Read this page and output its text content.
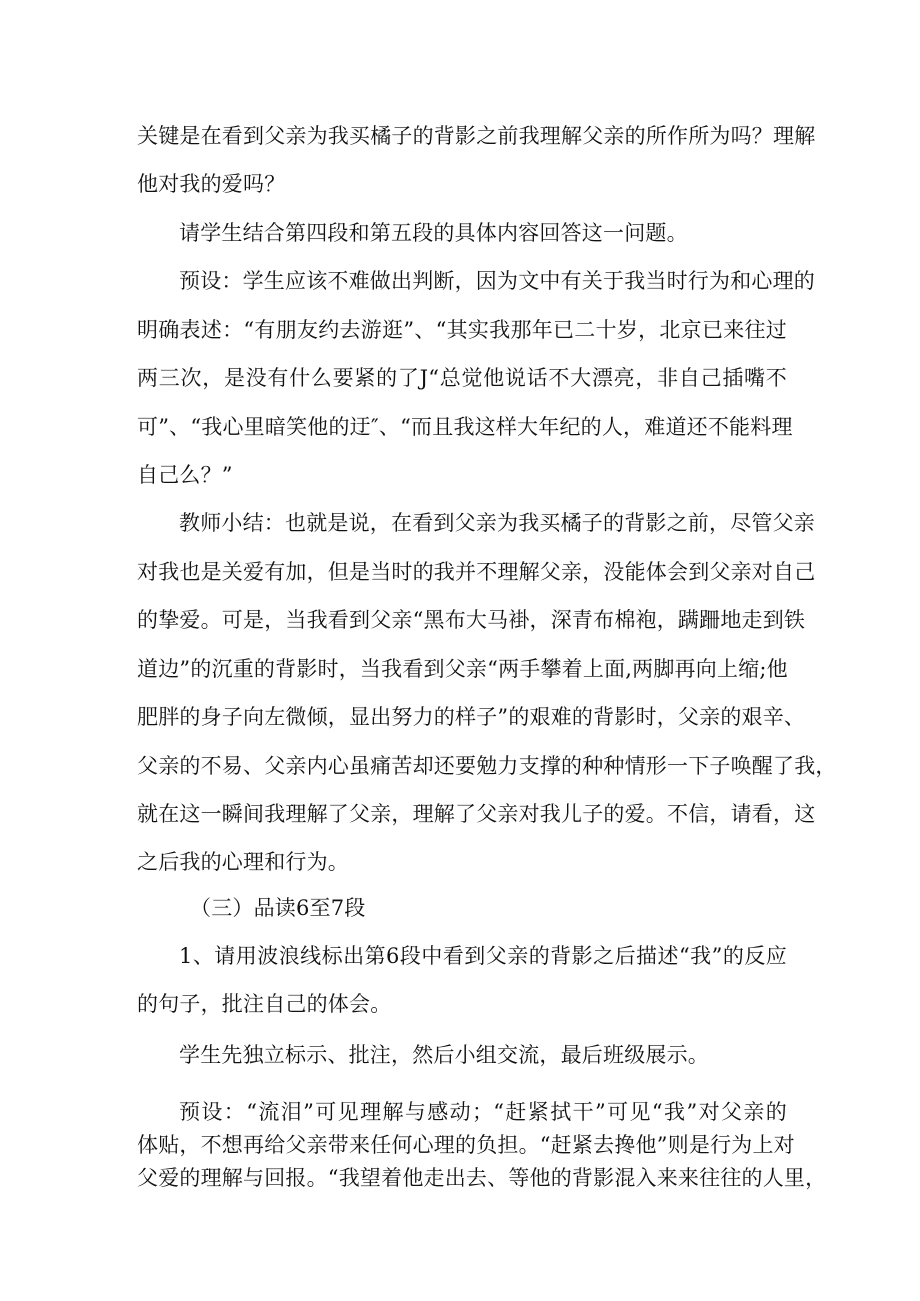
关键是在看到父亲为我买橘子的背影之前我理解父亲的所作所为吗？理解
他对我的爱吗？
请学生结合第四段和第五段的具体内容回答这一问题。
预设：学生应该不难做出判断，因为文中有关于我当时行为和心理的
明确表述：“有朋友约去游逛”、“其实我那年已二十岁，北京已来往过
两三次，是没有什么要紧的了J“总觉他说话不大漂亮，非自己插嘴不
可”、“我心里暗笑他的迂″、“而且我这样大年纪的人，难道还不能料理
自己么？”
教师小结：也就是说，在看到父亲为我买橘子的背影之前，尽管父亲
对我也是关爱有加，但是当时的我并不理解父亲，没能体会到父亲对自己
的挚爱。可是，当我看到父亲“黑布大马褂，深青布棉袍，蹒跚地走到铁
道边”的沉重的背影时，当我看到父亲“两手攀着上面,两脚再向上缩;他
肥胖的身子向左微倾，显出努力的样子”的艰难的背影时，父亲的艰辛、
父亲的不易、父亲内心虽痛苦却还要勉力支撑的种种情形一下子唤醒了我，
就在这一瞬间我理解了父亲，理解了父亲对我儿子的爱。不信，请看，这
之后我的心理和行为。
（三）品读6至7段
1、请用波浪线标出第6段中看到父亲的背影之后描述“我”的反应
的句子，批注自己的体会。
学生先独立标示、批注，然后小组交流，最后班级展示。
预设：“流泪”可见理解与感动；“赶紧拭干”可见“我”对父亲的
体贴，不想再给父亲带来任何心理的负担。“赶紧去搀他”则是行为上对
父爱的理解与回报。“我望着他走出去、等他的背影混入来来往往的人里，
